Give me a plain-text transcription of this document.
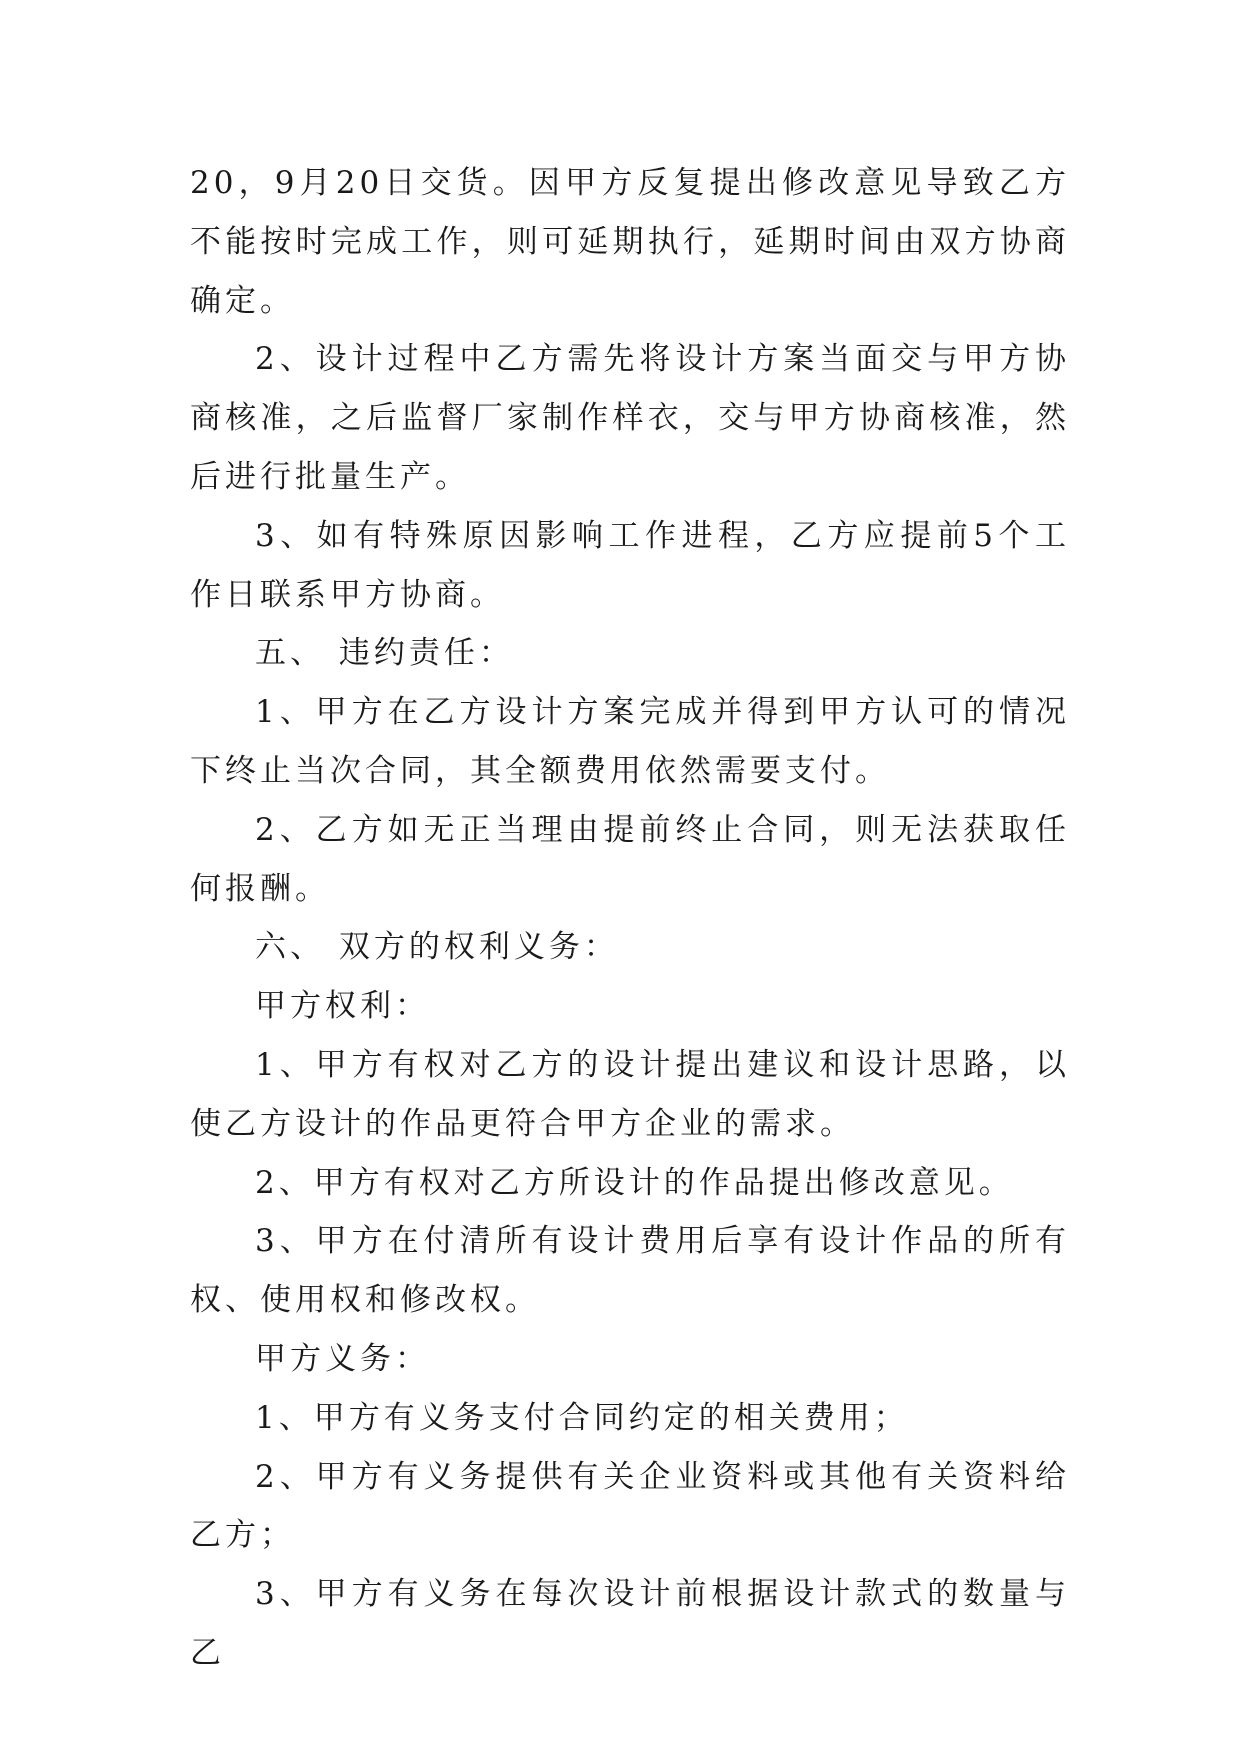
20，9月20日交货。因甲方反复提出修改意见导致乙方不能按时完成工作，则可延期执行，延期时间由双方协商确定。

2、设计过程中乙方需先将设计方案当面交与甲方协商核准，之后监督厂家制作样衣，交与甲方协商核准，然后进行批量生产。

3、如有特殊原因影响工作进程，乙方应提前5个工作日联系甲方协商。

五、 违约责任：

1、甲方在乙方设计方案完成并得到甲方认可的情况下终止当次合同，其全额费用依然需要支付。

2、乙方如无正当理由提前终止合同，则无法获取任何报酬。

六、 双方的权利义务：

甲方权利：

1、甲方有权对乙方的设计提出建议和设计思路，以使乙方设计的作品更符合甲方企业的需求。

2、甲方有权对乙方所设计的作品提出修改意见。

3、甲方在付清所有设计费用后享有设计作品的所有权、使用权和修改权。

甲方义务：

1、甲方有义务支付合同约定的相关费用；

2、甲方有义务提供有关企业资料或其他有关资料给乙方；

3、甲方有义务在每次设计前根据设计款式的数量与乙
